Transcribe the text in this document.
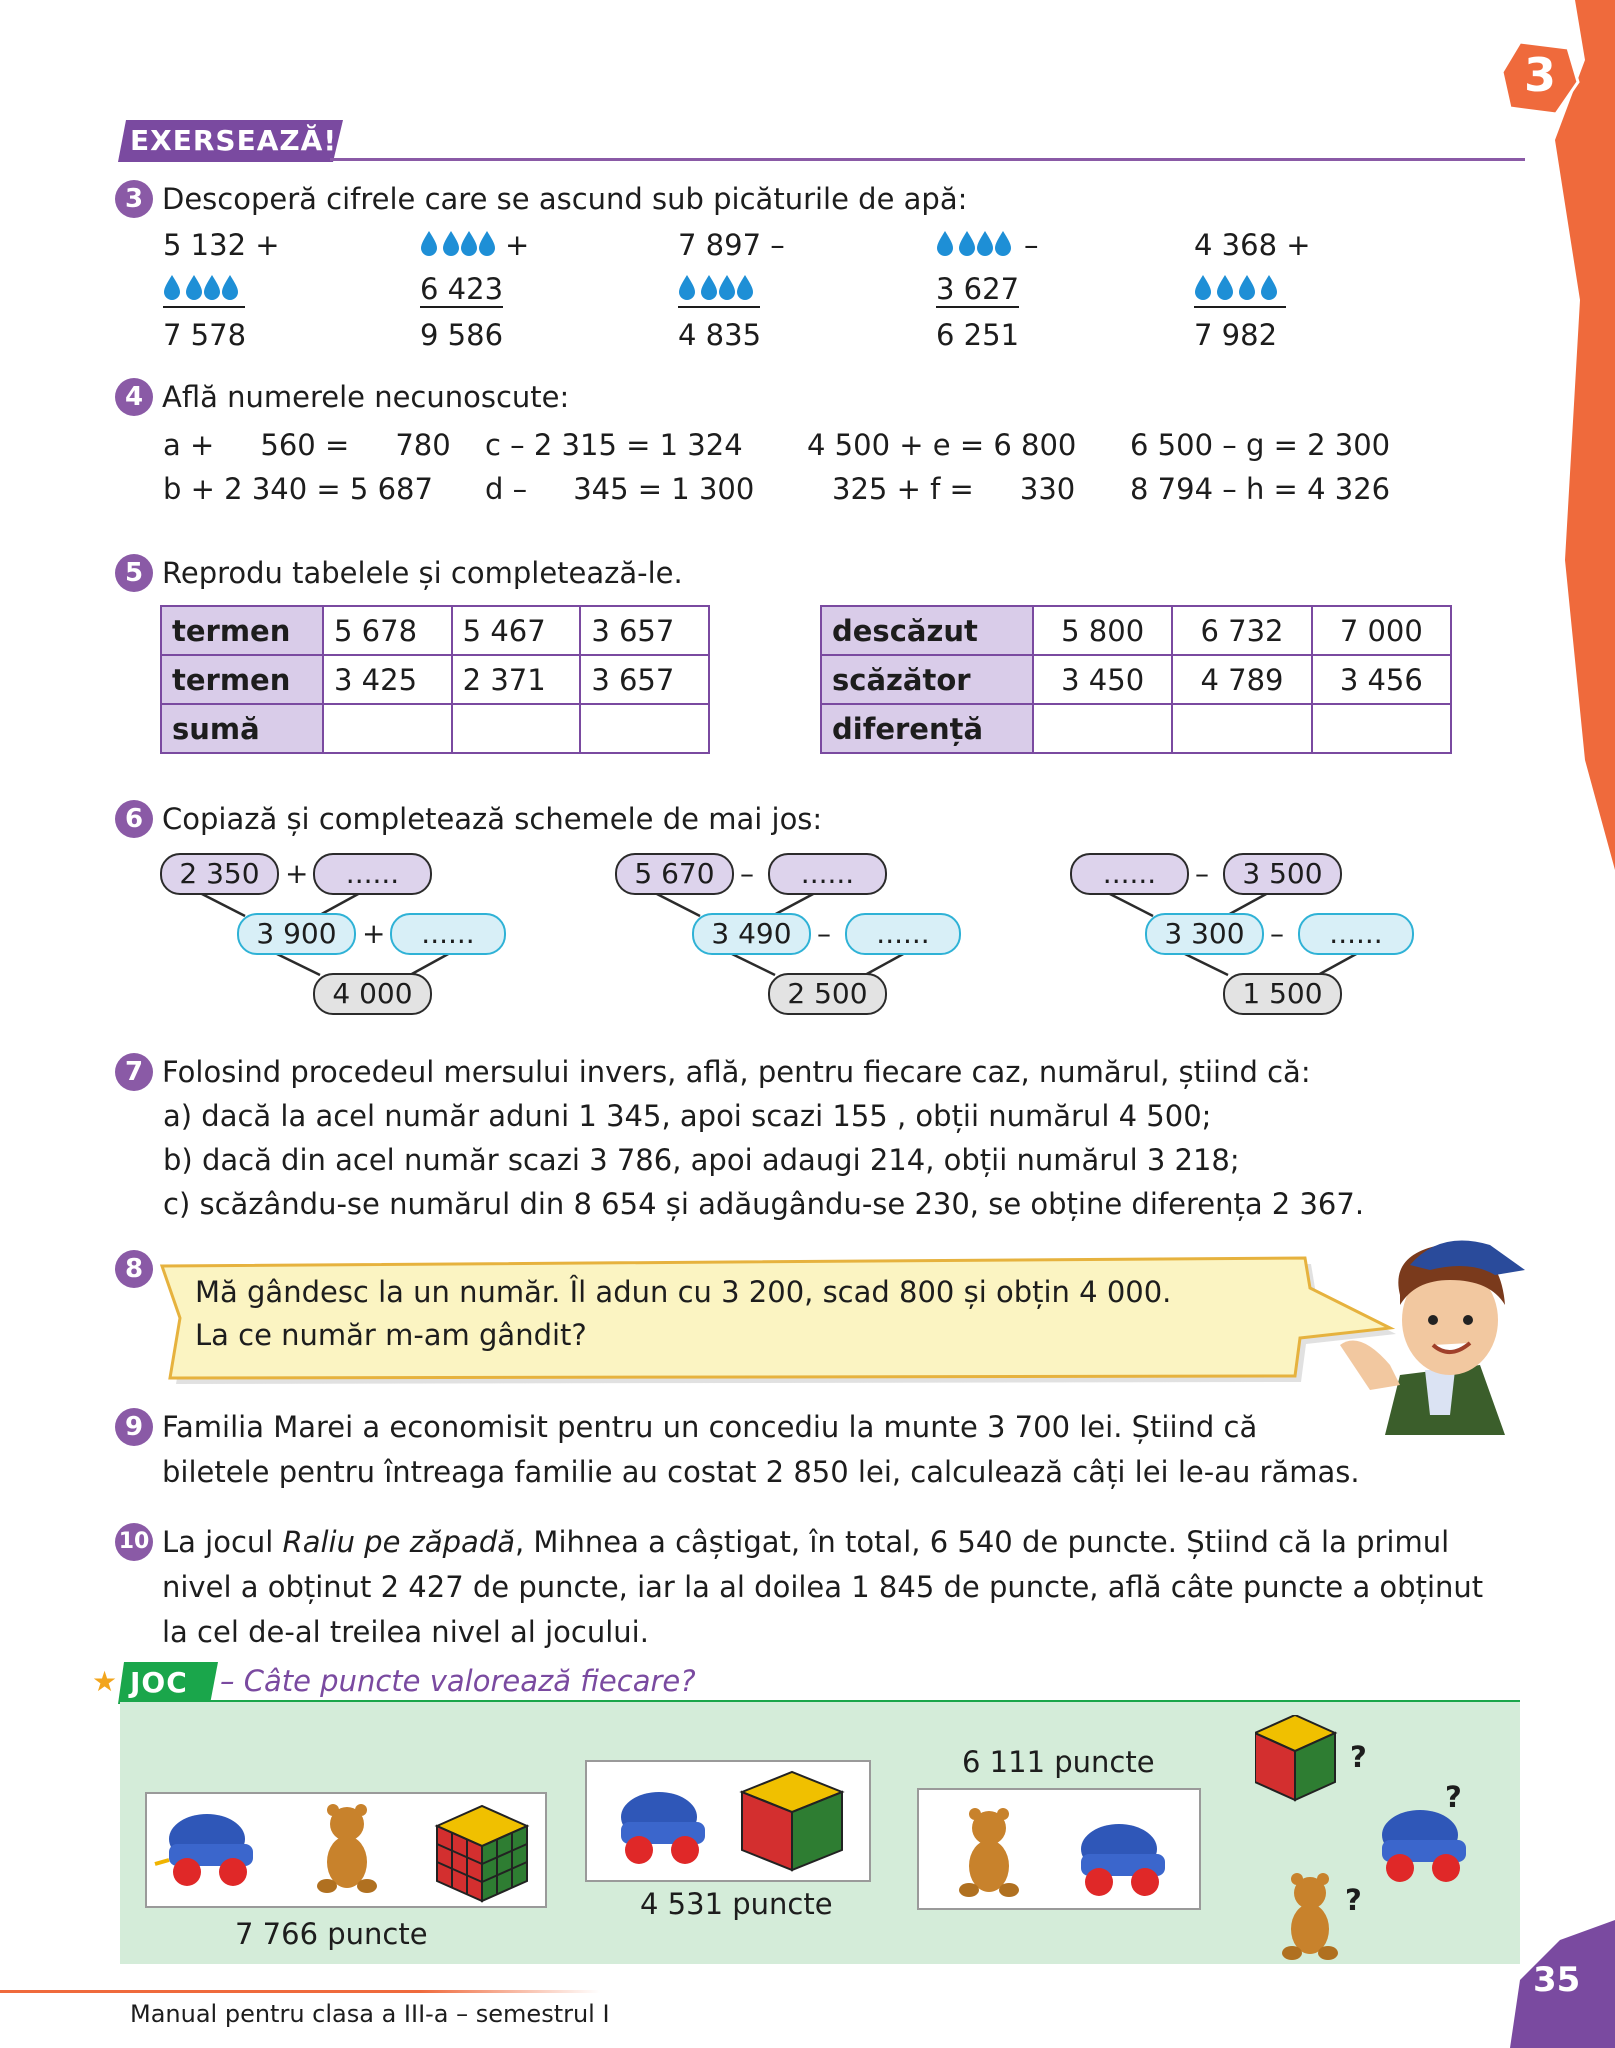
3
EXERSEAZĂ!
3 Descoperă cifrele care se ascund sub picăturile de apă:
5 132 +
7 578
+
6 423
9 586
7 897 –
4 835
–
3 627
6 251
4 368 +
7 982
4 Află numerele necunoscute:
a +     560 =     780 c – 2 315 = 1 324 4 500 + e = 6 800 6 500 – g = 2 300
b + 2 340 = 5 687 d –     345 = 1 300	325 + f =     330 8 794 – h = 4 326
5 Reprodu tabelele și completează-le.
termen	5 678	5 467	3 657
termen	3 425	2 371	3 657
sumă			
descăzut	5 800	6 732	7 000
scăzător	3 450	4 789	3 456
diferență			
6 Copiază și completează schemele de mai jos:
2 350 +	......
3 900 +	......
4 000
5 670 –	......
3 490 –	......
2 500
......	–	3 500
3 300 –	......
1 500
7 Folosind procedeul mersului invers, află, pentru fiecare caz, numărul, știind că:
a) dacă la acel număr aduni 1 345, apoi scazi 155 , obții numărul 4 500;
b) dacă din acel număr scazi 3 786, apoi adaugi 214, obții numărul 3 218;
c) scăzându-se numărul din 8 654 și adăugându-se 230, se obține diferența 2 367.
8
Mă gândesc la un număr. Îl adun cu 3 200, scad 800 și obțin 4 000.
La ce număr m-am gândit?
9 Familia Marei a economisit pentru un concediu la munte 3 700 lei. Știind că
biletele pentru întreaga familie au costat 2 850 lei, calculează câți lei le-au rămas.
10 La jocul Raliu pe zăpadă, Mihnea a câștigat, în total, 6 540 de puncte. Știind că la primul
nivel a obținut 2 427 de puncte, iar la al doilea 1 845 de puncte, află câte puncte a obținut
la cel de-al treilea nivel al jocului.
★ JOC – Câte puncte valorează fiecare?
7 766 puncte
4 531 puncte
6 111 puncte	?
?
?
Manual pentru clasa a III-a – semestrul I
35
